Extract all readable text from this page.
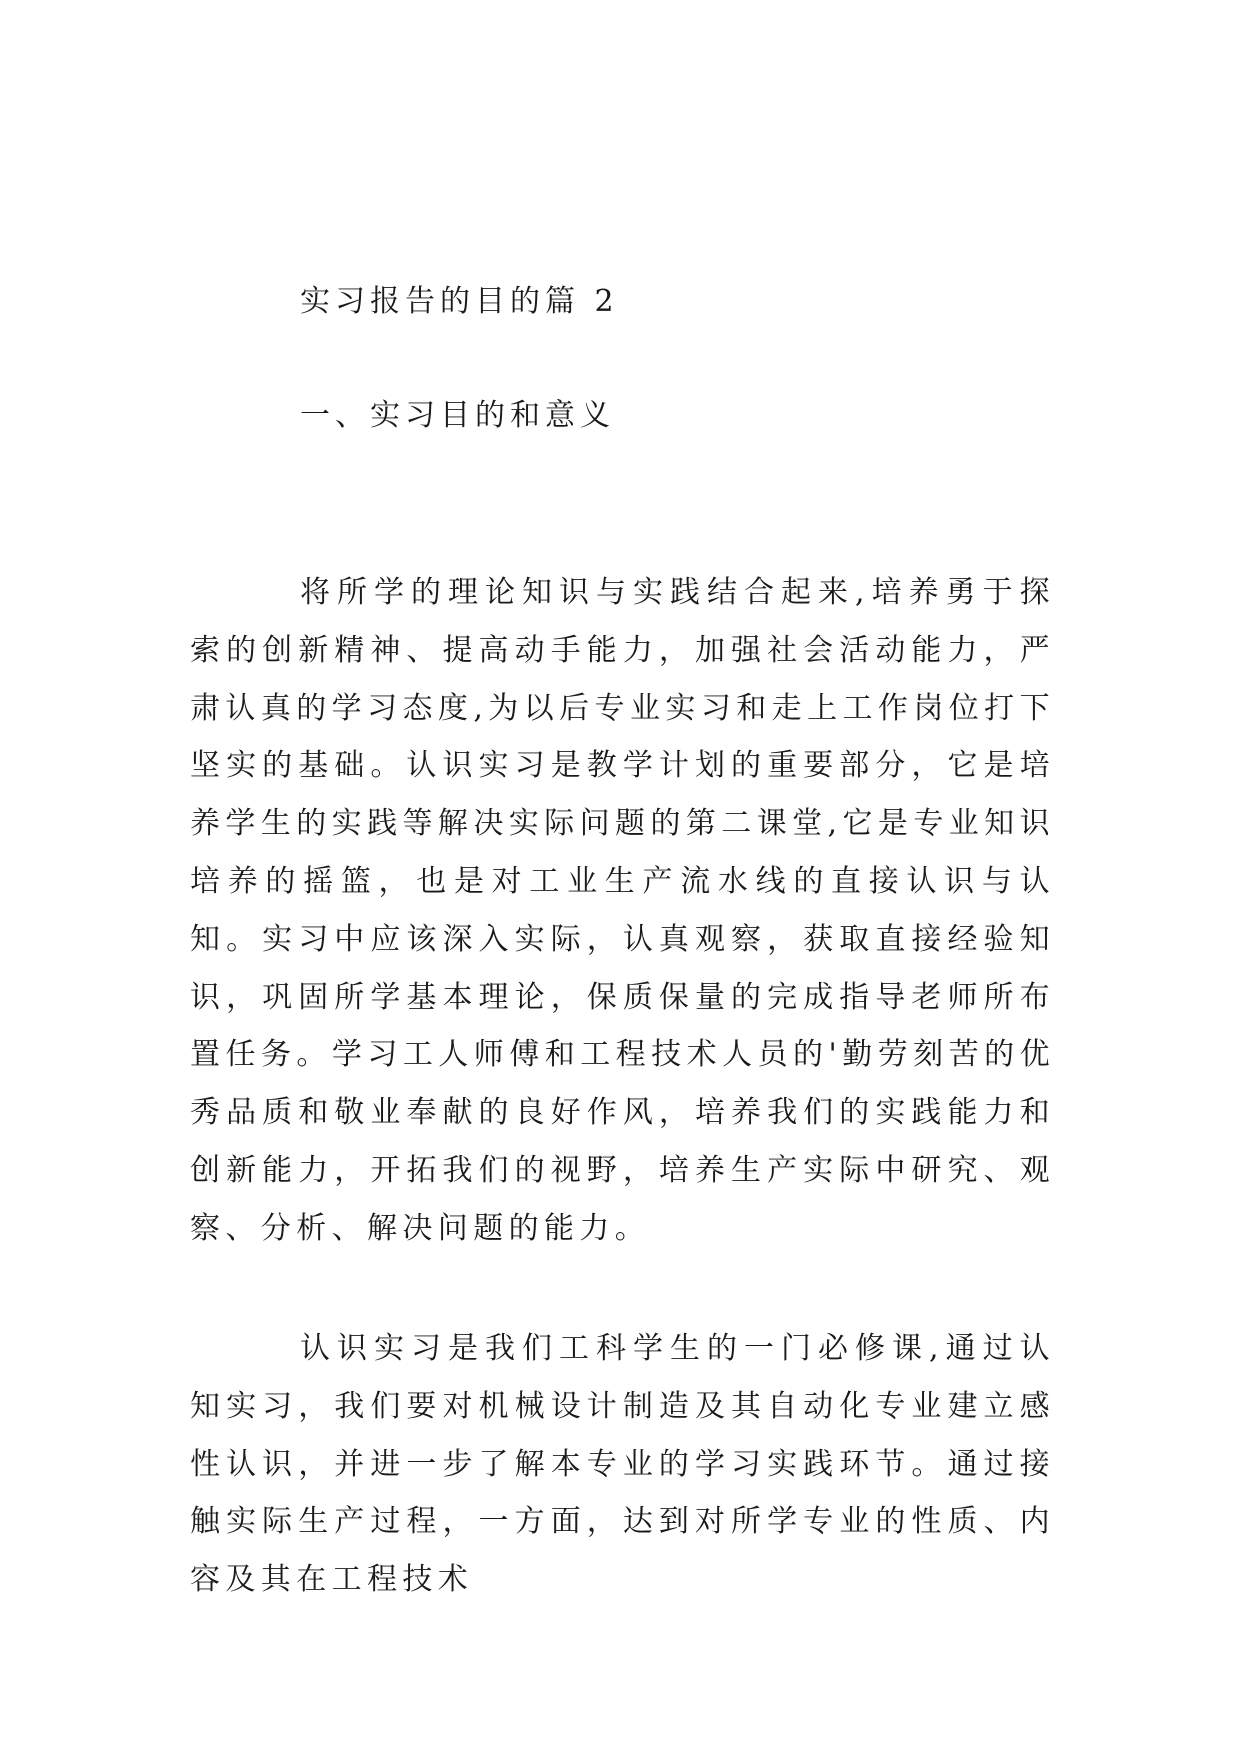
实习报告的目的篇 2
一、实习目的和意义

将所学的理论知识与实践结合起来,培养勇于探索的创新精神、提高动手能力，加强社会活动能力，严肃认真的学习态度,为以后专业实习和走上工作岗位打下坚实的基础。认识实习是教学计划的重要部分，它是培养学生的实践等解决实际问题的第二课堂,它是专业知识培养的摇篮，也是对工业生产流水线的直接认识与认知。实习中应该深入实际，认真观察，获取直接经验知识，巩固所学基本理论，保质保量的完成指导老师所布置任务。学习工人师傅和工程技术人员的'勤劳刻苦的优秀品质和敬业奉献的良好作风，培养我们的实践能力和创新能力，开拓我们的视野，培养生产实际中研究、观察、分析、解决问题的能力。

认识实习是我们工科学生的一门必修课,通过认知实习，我们要对机械设计制造及其自动化专业建立感性认识，并进一步了解本专业的学习实践环节。通过接触实际生产过程，一方面，达到对所学专业的性质、内容及其在工程技术
